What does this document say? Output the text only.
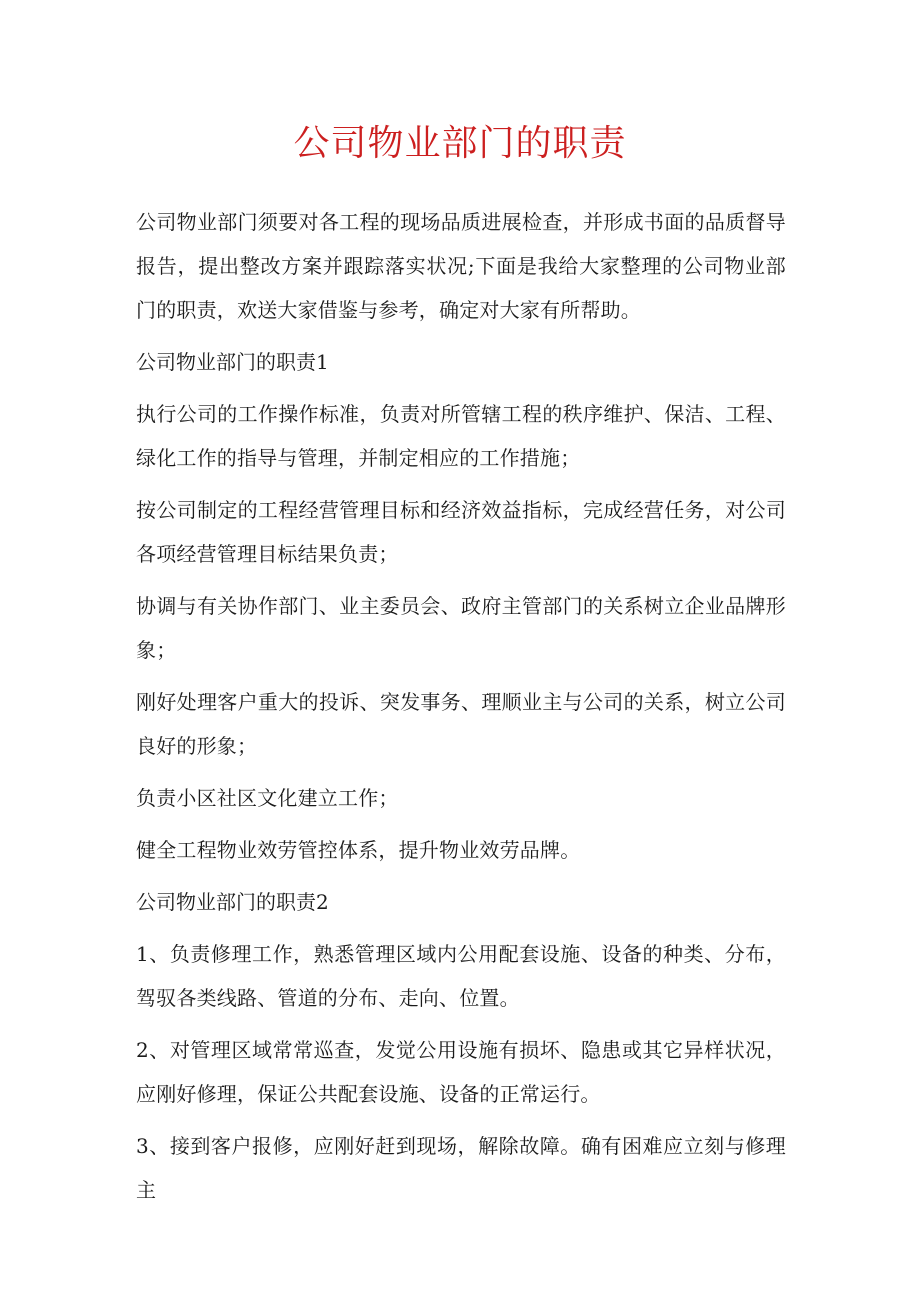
公司物业部门的职责

公司物业部门须要对各工程的现场品质进展检查，并形成书面的品质督导报告，提出整改方案并跟踪落实状况;下面是我给大家整理的公司物业部门的职责，欢送大家借鉴与参考，确定对大家有所帮助。

公司物业部门的职责1

执行公司的工作操作标准，负责对所管辖工程的秩序维护、保洁、工程、绿化工作的指导与管理，并制定相应的工作措施；

按公司制定的工程经营管理目标和经济效益指标，完成经营任务，对公司各项经营管理目标结果负责；

协调与有关协作部门、业主委员会、政府主管部门的关系树立企业品牌形象；

刚好处理客户重大的投诉、突发事务、理顺业主与公司的关系，树立公司良好的形象；

负责小区社区文化建立工作；

健全工程物业效劳管控体系，提升物业效劳品牌。

公司物业部门的职责2

1、负责修理工作，熟悉管理区域内公用配套设施、设备的种类、分布，驾驭各类线路、管道的分布、走向、位置。

2、对管理区域常常巡查，发觉公用设施有损坏、隐患或其它异样状况，应刚好修理，保证公共配套设施、设备的正常运行。

3、接到客户报修，应刚好赶到现场，解除故障。确有困难应立刻与修理主
